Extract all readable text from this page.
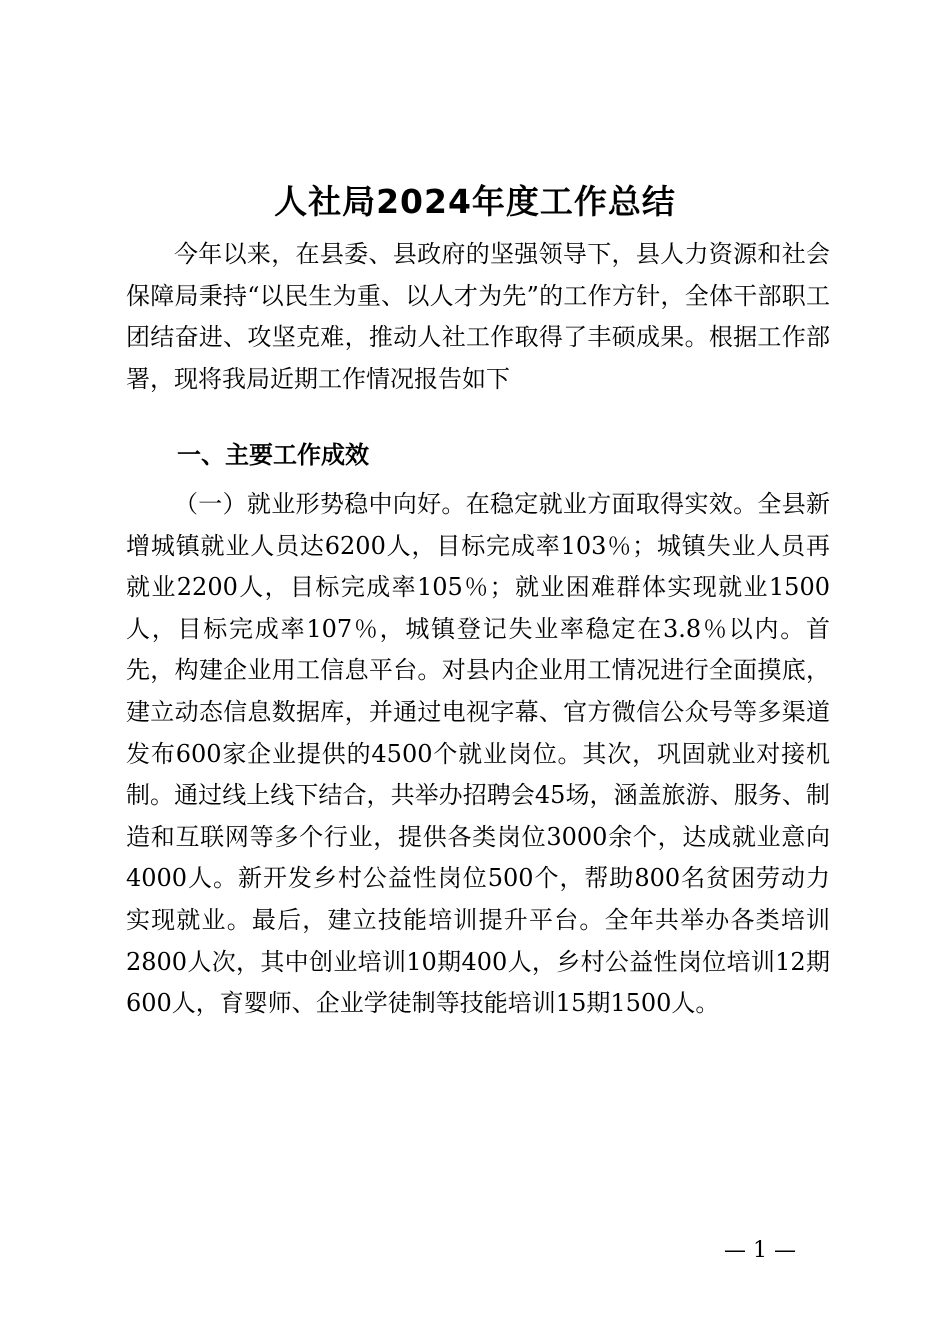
人社局2024年度工作总结

今年以来，在县委、县政府的坚强领导下，县人力资源和社会保障局秉持“以民生为重、以人才为先”的工作方针，全体干部职工团结奋进、攻坚克难，推动人社工作取得了丰硕成果。根据工作部署，现将我局近期工作情况报告如下

一、主要工作成效

（一）就业形势稳中向好。在稳定就业方面取得实效。全县新增城镇就业人员达6200人，目标完成率103％；城镇失业人员再就业2200人，目标完成率105％；就业困难群体实现就业1500人，目标完成率107％，城镇登记失业率稳定在3.8％以内。首先，构建企业用工信息平台。对县内企业用工情况进行全面摸底，建立动态信息数据库，并通过电视字幕、官方微信公众号等多渠道发布600家企业提供的4500个就业岗位。其次，巩固就业对接机制。通过线上线下结合，共举办招聘会45场，涵盖旅游、服务、制造和互联网等多个行业，提供各类岗位3000余个，达成就业意向4000人。新开发乡村公益性岗位500个，帮助800名贫困劳动力实现就业。最后，建立技能培训提升平台。全年共举办各类培训2800人次，其中创业培训10期400人，乡村公益性岗位培训12期600人，育婴师、企业学徒制等技能培训15期1500人。

— 1 —
